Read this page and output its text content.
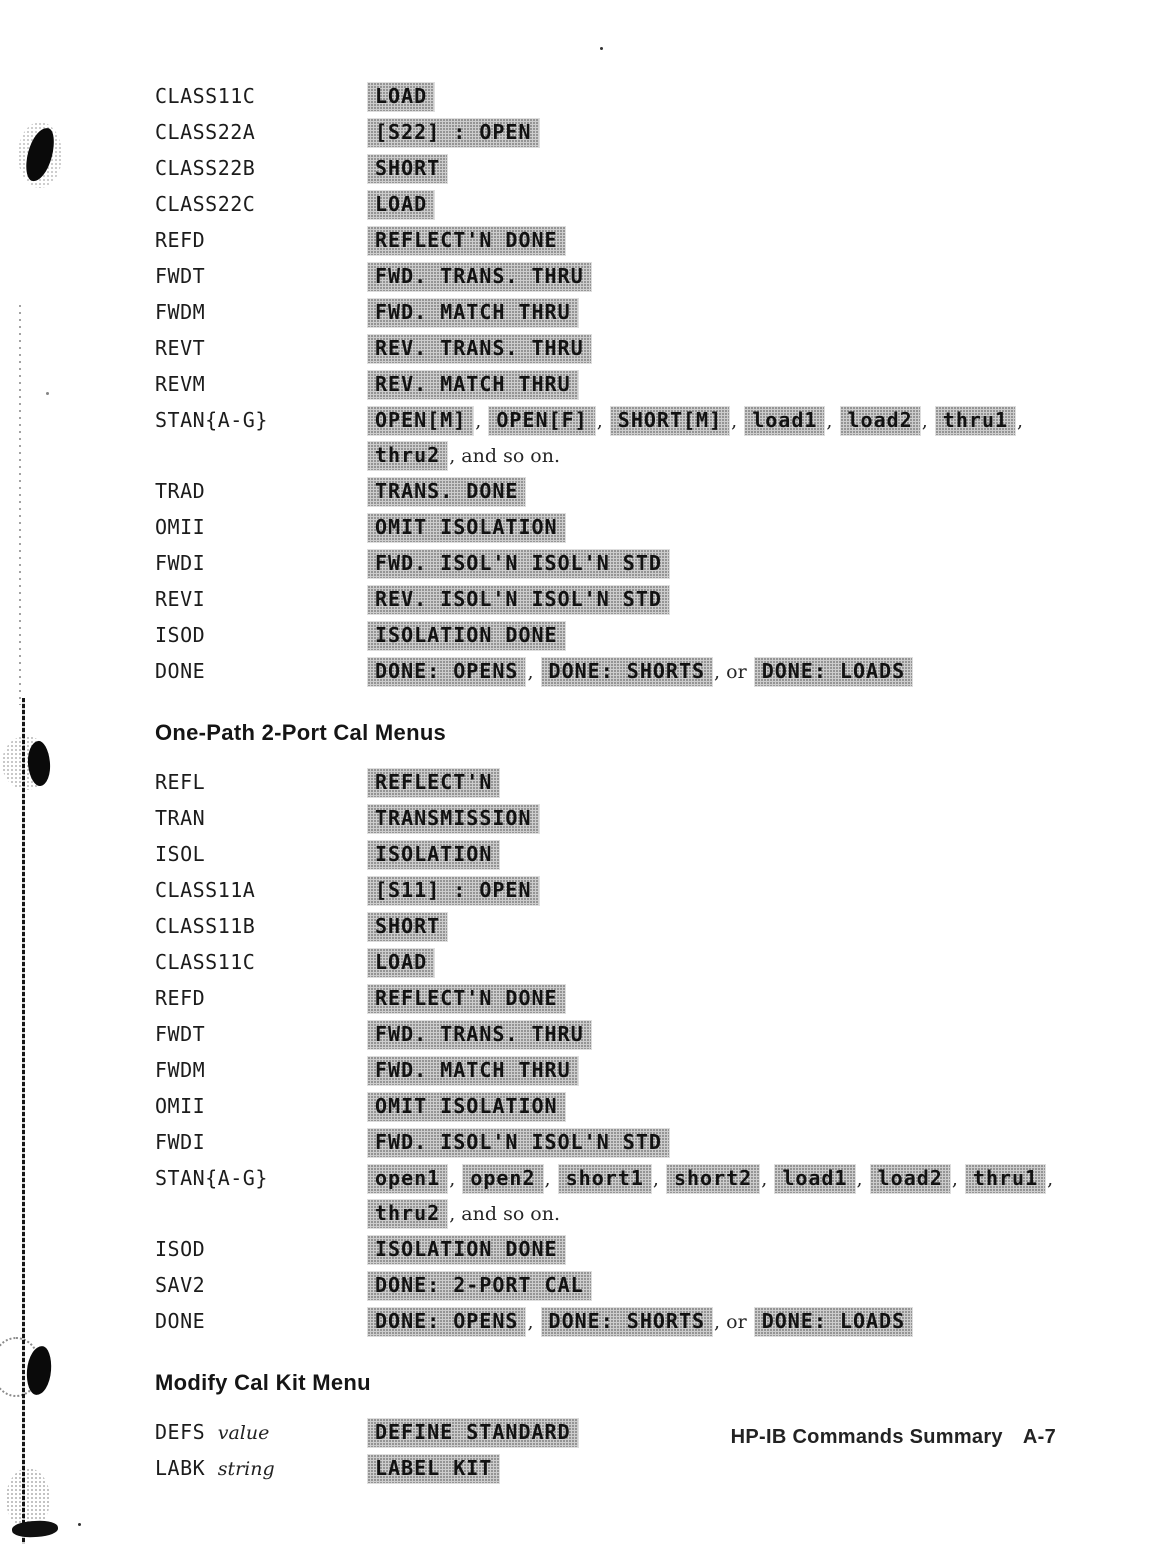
CLASS11C	LOAD
CLASS22A	[S22] : OPEN
CLASS22B	SHORT
CLASS22C	LOAD
REFD	REFLECT'N DONE
FWDT	FWD. TRANS. THRU
FWDM	FWD. MATCH THRU
REVT	REV. TRANS. THRU
REVM	REV. MATCH THRU
STAN{A-G}	OPEN[M] , OPEN[F] , SHORT[M] , load1 , load2 , thru1 , thru2 , and so on.
TRAD	TRANS. DONE
OMII	OMIT ISOLATION
FWDI	FWD. ISOL'N ISOL'N STD
REVI	REV. ISOL'N ISOL'N STD
ISOD	ISOLATION DONE
DONE	DONE: OPENS , DONE: SHORTS , or DONE: LOADS
One-Path 2-Port Cal Menus
REFL	REFLECT'N
TRAN	TRANSMISSION
ISOL	ISOLATION
CLASS11A	[S11] : OPEN
CLASS11B	SHORT
CLASS11C	LOAD
REFD	REFLECT'N DONE
FWDT	FWD. TRANS. THRU
FWDM	FWD. MATCH THRU
OMII	OMIT ISOLATION
FWDI	FWD. ISOL'N ISOL'N STD
STAN{A-G}	open1 , open2 , short1 , short2 , load1 , load2 , thru1 , thru2 , and so on.
ISOD	ISOLATION DONE
SAV2	DONE: 2-PORT CAL
DONE	DONE: OPENS , DONE: SHORTS , or DONE: LOADS
Modify Cal Kit Menu
DEFS value	DEFINE STANDARD
LABK string	LABEL KIT
HP-IB Commands Summary A-7
